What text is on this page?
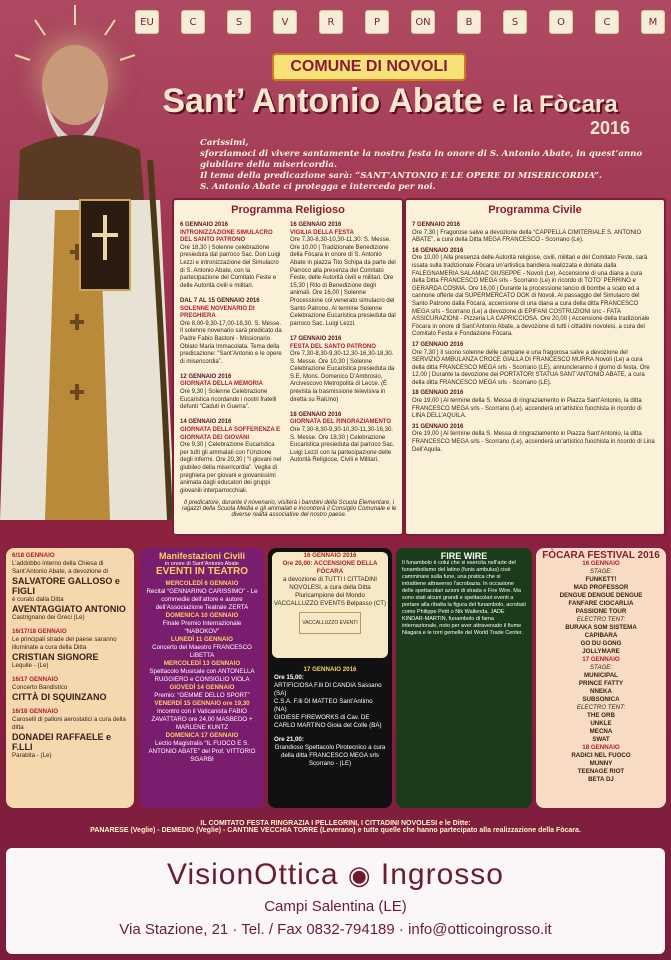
EU	C	S	V	R	P	ON	B	S	O	C	M
COMUNE DI NOVOLI
Sant’ Antonio Abate e la Fòcara
2016
Carissimi,
sforziamoci di vivere santamente la nostra festa in onore di S. Antonio Abate, in quest’anno giubilare della misericordia.
Il tema della predicazione sarà: “SANT’ANTONIO E LE OPERE DI MISERICORDIA”.
S. Antonio Abate ci protegga e interceda per noi.
Programma Religioso
6 GENNAIO 2016
INTRONIZZAZIONE SIMULACRO DEL SANTO PATRONO
Ore 18,30 | Solenne celebrazione presieduta dal parroco Sac. Don Luigi Lezzi e intronizzazione del Simulacro di S. Antonio Abate, con la partecipazione del Comitato Feste e delle Autorità civili e militari.

DAL 7 AL 15 GENNAIO 2016
SOLENNE NOVENARIO DI PREGHIERA
Ore 8,00-9,30-17,00-18,30. S. Messe. Il solenne novenario sarà predicato da Padre Fabio Bastoni - Missionario Oblato Maria Immacolata. Tema della predicazione: “Sant’Antonio e le opere di misericordia”.

12 GENNAIO 2016
GIORNATA DELLA MEMORIA
Ore 9,30 | Solenne Celebrazione Eucaristica ricordando i nostri fratelli defunti “Caduti in Guerra”.

14 GENNAIO 2016
GIORNATA DELLA SOFFERENZA E GIORNATA DEI GIOVANI
Ore 9,30 | Celebrazione Eucaristica per tutti gli ammalati con l’Unzione degli infermi. Ore 20,30 | “I giovani nel giubileo della misericordia”. Veglia di preghiera per giovani e giovanissimi animata dagli educatori dei gruppi giovanili interparrocchiali.
16 GENNAIO 2016
VIGILIA DELLA FESTA
Ore 7,30-8,30-10,30-11,30. S. Messe. Ore 10,00 | Tradizionale Benedizione della Fòcara in onore di S. Antonio Abate in piazza Tito Schipa da parte del Parroco alla presenza del Comitato Feste, delle Autorità civili e militari. Ore 15,30 | Rito di Benedizione degli animali. Ore 16,00 | Solenne Processione col venerato simulacro del Santo Patrono. Al termine Solenne Celebrazione Eucaristica presieduta dal parroco Sac. Luigi Lezzi.

17 GENNAIO 2016
FESTA DEL SANTO PATRONO
Ore 7,30-8,30-9,30-12,30-16,30-18,30. S. Messe. Ore 10,30 | Solenne Celebrazione Eucaristica presieduta da S.E. Mons. Domenico D’Ambrosio, Arcivescovo Metropolita di Lecce. (È prevista la trasmissione televisiva in diretta su RaiUno)

18 GENNAIO 2016
GIORNATA DEL RINGRAZIAMENTO
Ore 7,30-8,30-9,30-10,30-11,30-16,30. S. Messe. Ore 18,30 | Celebrazione Eucaristica presieduta dal parroco Sac. Luigi Lezzi con la partecipazione delle Autorità Religiose, Civili e Militari.
Il predicatore, durante il novenario, visiterà i bambini della Scuola Elementare, i ragazzi della Scuola Media e gli ammalati e incontrerà il Consiglio Comunale e le diverse realtà associative del nostro paese.
Programma Civile
7 GENNAIO 2016
Ore 7,30 | Fragorose salve a devozione della “CAPPELLA CIMITERIALE S. ANTONIO ABATE”, a cura della Ditta MEGA FRANCESCO - Scorrano (Le).
16 GENNAIO 2016
Ore 10,00 | Alla presenza delle Autorità religiose, civili, militari e del Comitato Feste, sarà issata sulla tradizionale Fòcara un’artistica bandiera realizzata e donata dalla FALEGNAMERIA SALAMAC GIUSEPPE - Novoli (Le). Accensione di una diana a cura della Ditta FRANCESCO MEGA srls - Scorrano (Le) in ricordo di TOTO’ PERRINO e GERARDA COSMA. Ore 16,00 | Durante la processione lancio di bombe a scalo ed a cannone offerte dal SUPERMERCATO DOK di Novoli. Al passaggio del Simulacro del Santo Patrono dalla Fòcara, accensione di una diana a cura della ditta FRANCESCO MEGA srls - Scorrano (Le) a devozione di EPIFANI COSTRUZIONI snc - FATA ASSICURAZIONI - Pizzeria LA CAPRICCIOSA. Ore 20,00 | Accensione della tradizionale Fòcara in onore di Sant’Antonio Abate, a devozione di tutti i cittadini novolesi, a cura del Comitato Festa e Fondazione Fòcara.
17 GENNAIO 2016
Ore 7,30 | Il suono solenne delle campane e una fragorosa salve a devozione del SERVIZIO AMBULANZA CROCE GIALLA DI FRANCESCO MURRA Novoli (Le) a cura della ditta FRANCESCO MEGA srls - Scorrano (LE), annuncieranno il giorno di festa. Ore 12,00 | Durante la devozione dei PORTATORI STATUA SANT’ANTONIO ABATE, a cura della ditta FRANCESCO MEGA srls - Scorrano (LE).
18 GENNAIO 2016
Ore 19,00 | Al termine della S. Messa di ringraziamento in Piazza Sant’Antonio, la ditta FRANCESCO MEGA srls - Scorrano (Le), accenderà un’artistico fuochista in ricordo di LINA DELL’AQUILA.
31 GENNAIO 2016
Ore 19,00 | Al termine della S. Messa di ringraziamento in Piazza Sant’Antonio, la ditta FRANCESCO MEGA srls - Scorrano (Le), accenderà un’artistico fuochista in ricordo di Lina Dell’Aquila.
6/18 GENNAIO
L’addobbo interno della Chiesa di Sant’Antonio Abate, a devozione di
SALVATORE GALLOSO e FIGLI
è curato dalla Ditta
AVENTAGGIATO ANTONIO
Castrignano dei Greci (Le)
16/17/18 GENNAIO
Le principali strade del paese saranno illuminate a cura della Ditta
CRISTIAN SIGNORE
Lequile - (Le)
16/17 GENNAIO
Concerto Bandistico
CITTÀ DI SQUINZANO
16/18 GENNAIO
Caroselli di palloni aerostatici a cura della ditta
DONADEI RAFFAELE e F.LLI
Parabita - (Le)
Manifestazioni Civili
in onore di Sant’Antonio Abate
EVENTI IN TEATRO
MERCOLEDÌ 6 GENNAIO
Recital “GENNARINO CARISSIMO” - Le commedie dell’attore e autore dell’Associazione Teatrale ZERTA
DOMENICA 10 GENNAIO
Finale Premio Internazionale “NABOKOV”
LUNEDÌ 11 GENNAIO
Concerto del Maestro FRANCESCO LIBETTA
MERCOLEDÌ 13 GENNAIO
Spettacolo Musicale con ANTONELLA RUGGIERO e CONSIGLIO VIOLA
GIOVEDÌ 14 GENNAIO
Premio: “GEMME DELLO SPORT”
VENERDÌ 15 GENNAIO ore 19,30
Incontro con il Vaticanista FABIO ZAVATTARO ore 24,00 MASBEDO + MARLENE KUNTZ
DOMENICA 17 GENNAIO
Lectio Magistralis “IL FUOCO E S. ANTONIO ABATE” del Prof. VITTORIO SGARBI
16 GENNAIO 2016
Ore 20,00: ACCENSIONE DELLA FÒCARA
a devozione di TUTTI I CITTADINI NOVOLESI, a cura della Ditta Pluricampione del Mondo VACCALLUZZO EVENTS Belpasso (CT)
VACCALLUZZO EVENTI
17 GENNAIO 2016
Ore 15,00:
ARTIFICIOSA F.lli DI CANDIA Sassano (SA)
C.S.A. F.lli DI MATTEO Sant’Antimo (NA)
GIOIESE FIREWORKS di Cav. DE CARLO MARTINO Gioia del Colle (BA)
Ore 21,00:
Grandioso Spettacolo Pirotecnico a cura della ditta FRANCESCO MEGA srls Scorrano - (LE)
FIRE WIRE
Il funambolo è colui che si esercita nell’arte del funambolismo del latino (funis ambulus) cioè camminare sulla fune, una pratica che si intrattiene attraverso l’acrobazia. In occasione delle spettacolari azioni di strada e Fire Wire. Ma sono stati alcuni grandi e spettacolari eventi a portare alla ribalta la figura del funambolo, acrobati come Philippe Petit o Nik Wallenda. JADE KINDAR-MARTIN, funambolo di fama internazionale, noto per aver attraversato il fiume Niagara e le torri gemelle del World Trade Center.
FÒCARA FESTIVAL 2016
16 GENNAIO
STAGE:
FUNKETT!
MAD PROFESSOR
DENGUE DENGUE DENGUE
FANFARE CIOCARLIA
PASSIONE TOUR
ELECTRO TENT:
BURAKA SOM SISTEMA
CAPIBARA
GO DU GONG
JOLLYMARE
17 GENNAIO
STAGE:
MUNICIPAL
PRINCE FATTY
NNEKA
SUBSONICA
ELECTRO TENT:
THE ORB
UNKLE
MECNA
SWAT
18 GENNAIO
RADICI NEL FUOCO
MUNNY
TEENAGE RIOT
BETA DJ
IL COMITATO FESTA RINGRAZIA I PELLEGRINI, I CITTADINI NOVOLESI e le Ditte:
PANARESE (Veglie) - DEMEDIO (Veglie) - CANTINE VECCHIA TORRE (Leverano) e tutte quelle che hanno partecipato alla realizzazione della Fòcara.
VisionOttica ◉ Ingrosso
Campi Salentina (LE)
Via Stazione, 21 · Tel. / Fax 0832-794189 · info@otticoingrosso.it
